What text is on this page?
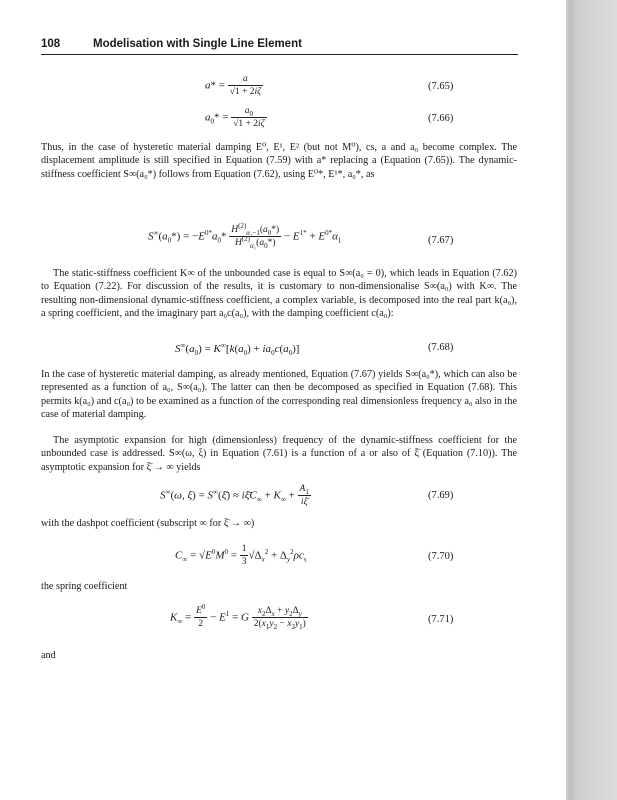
108	Modelisation with Single Line Element
$a* = \frac{a}{√1 + 2i\zeta}$	(7.65)
$a_0* = \frac{a_0}{√1 + 2i\zeta}$	(7.66)

Thus, in the case of hysteretic material damping E⁰, E¹, E² (but not M⁰), cs, a and a₀ become complex. The displacement amplitude is still specified in Equation (7.59) with a* replacing a (Equation (7.65)). The dynamic-stiffness coefficient S∞(a₀*) follows from Equation (7.62), using E⁰*, E¹*, a₀*, as

$S^\infty(a_0*) = -E^{0*}a_0* \frac{H^{(2)}_{\alpha_1-1}(a_0*)}{H^{(2)}_{\alpha_1}(a_0*)} - E^{1*} + E^{0*}\alpha_1$	(7.67)

The static-stiffness coefficient K∞ of the unbounded case is equal to S∞(a₀ = 0), which leads in Equation (7.62) to Equation (7.22). For discussion of the results, it is customary to non-dimensionalise S∞(a₀) with K∞. The resulting non-dimensional dynamic-stiffness coefficient, a complex variable, is decomposed into the real part k(a₀), a spring coefficient, and the imaginary part a₀c(a₀), with the damping coefficient c(a₀):

$S^\infty(a_0) = K^\infty[k(a_0) + ia_0c(a_0)]$	(7.68)

In the case of hysteretic material damping, as already mentioned, Equation (7.67) yields S∞(a₀*), which can also be represented as a function of a₀, S∞(a₀). The latter can then be decomposed as specified in Equation (7.68). This permits k(a₀) and c(a₀) to be examined as a function of the corresponding real dimensionless frequency a₀ also in the case of material damping.

The asymptotic expansion for high (dimensionless) frequency of the dynamic-stiffness coefficient for the unbounded case is addressed. S∞(ω, ξ) in Equation (7.61) is a function of a or also of ξ̄ (Equation (7.10)). The asymptotic expansion for ξ̄ → ∞ yields

S∞(ω, ξ) = S∞(ξ̄) ≈ $i\xīC_\infty + K_\infty + \frac{A_1}{i\xī}$	(7.69)
with the dashpot coefficient (subscript ∞ for ξ̄ → ∞)
$C_\infty = √E^0M^0 = \frac{1}{3} √\Delta_x^2 + \Delta_y^2\rho c_s$	(7.70)
the spring coefficient
$K_\infty = \frac{E^0}{2} - E^1 = G \frac{x_2\Delta_x + y_2\Delta_y}{2(x_1y_2 - x_2y_1)}$	(7.71)
and
